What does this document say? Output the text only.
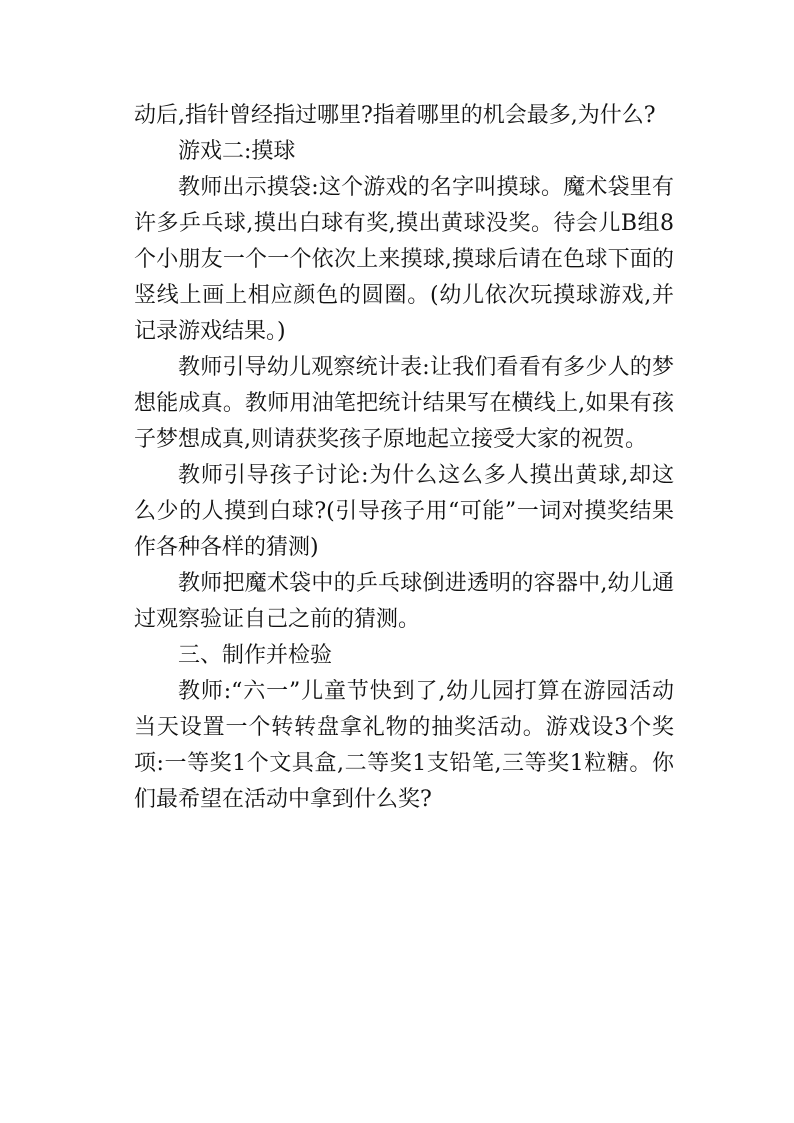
动后,指针曾经指过哪里?指着哪里的机会最多,为什么?

游戏二:摸球

教师出示摸袋:这个游戏的名字叫摸球。魔术袋里有许多乒乓球,摸出白球有奖,摸出黄球没奖。待会儿B组8个小朋友一个一个依次上来摸球,摸球后请在色球下面的竖线上画上相应颜色的圆圈。(幼儿依次玩摸球游戏,并记录游戏结果。)

教师引导幼儿观察统计表:让我们看看有多少人的梦想能成真。教师用油笔把统计结果写在横线上,如果有孩子梦想成真,则请获奖孩子原地起立接受大家的祝贺。

教师引导孩子讨论:为什么这么多人摸出黄球,却这么少的人摸到白球?(引导孩子用“可能”一词对摸奖结果作各种各样的猜测)

教师把魔术袋中的乒乓球倒进透明的容器中,幼儿通过观察验证自己之前的猜测。

三、制作并检验

教师:“六一”儿童节快到了,幼儿园打算在游园活动当天设置一个转转盘拿礼物的抽奖活动。游戏设3个奖项:一等奖1个文具盒,二等奖1支铅笔,三等奖1粒糖。你们最希望在活动中拿到什么奖?
